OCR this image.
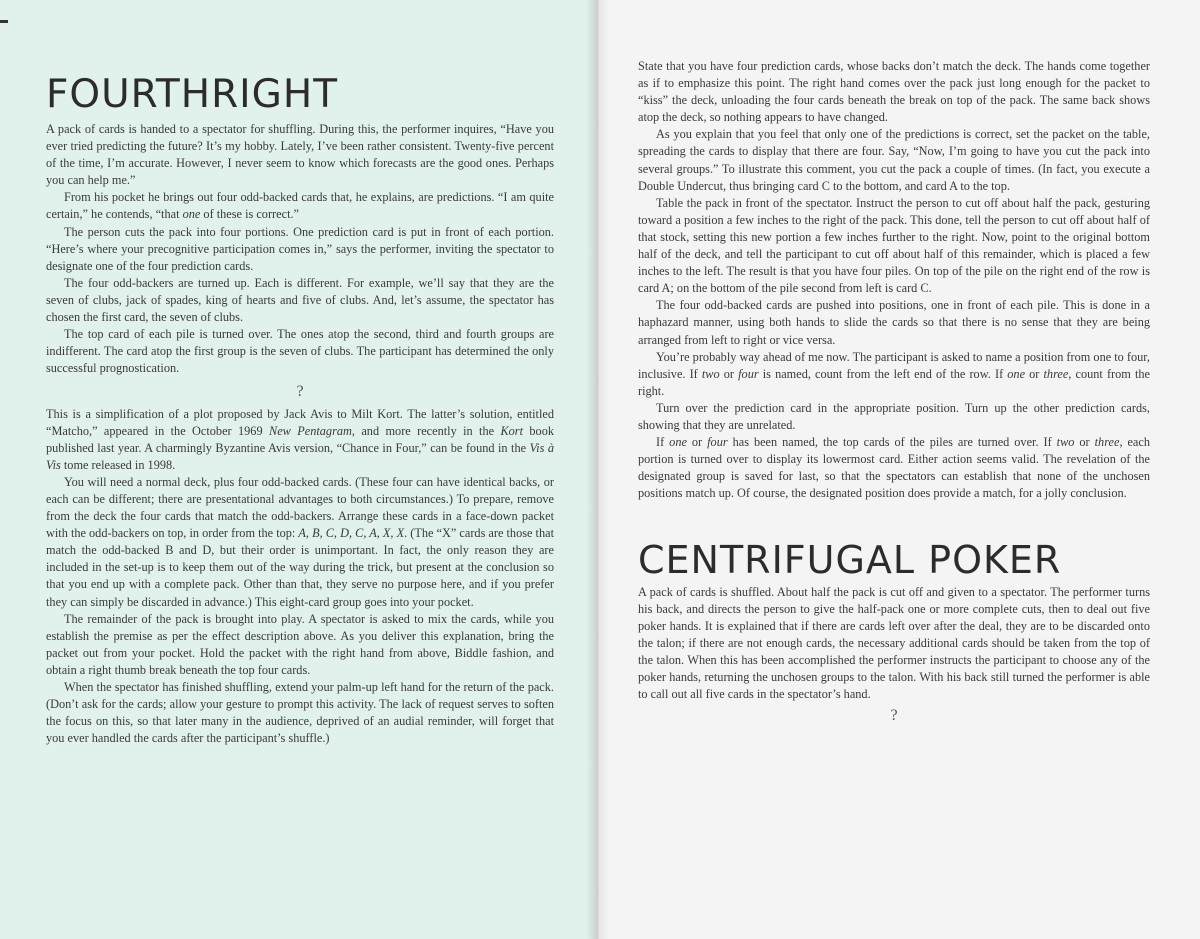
FOURTHRIGHT

A pack of cards is handed to a spectator for shuffling. During this, the performer inquires, “Have you ever tried predicting the future? It’s my hobby. Lately, I’ve been rather consistent. Twenty-five percent of the time, I’m accurate. However, I never seem to know which forecasts are the good ones. Perhaps you can help me.”

From his pocket he brings out four odd-backed cards that, he explains, are predictions. “I am quite certain,” he contends, “that one of these is correct.”

The person cuts the pack into four portions. One prediction card is put in front of each portion. “Here’s where your precognitive participation comes in,” says the performer, inviting the spectator to designate one of the four prediction cards.

The four odd-backers are turned up. Each is different. For example, we’ll say that they are the seven of clubs, jack of spades, king of hearts and five of clubs. And, let’s assume, the spectator has chosen the first card, the seven of clubs.

The top card of each pile is turned over. The ones atop the second, third and fourth groups are indifferent. The card atop the first group is the seven of clubs. The participant has determined the only successful prognostication.

?

This is a simplification of a plot proposed by Jack Avis to Milt Kort. The latter’s solution, entitled “Matcho,” appeared in the October 1969 New Pentagram, and more recently in the Kort book published last year. A charmingly Byzantine Avis version, “Chance in Four,” can be found in the Vis à Vis tome released in 1998.

You will need a normal deck, plus four odd-backed cards. (These four can have identical backs, or each can be different; there are presentational advantages to both circumstances.) To prepare, remove from the deck the four cards that match the odd-backers. Arrange these cards in a face-down packet with the odd-backers on top, in order from the top: A, B, C, D, C, A, X, X. (The “X” cards are those that match the odd-backed B and D, but their order is unimportant. In fact, the only reason they are included in the set-up is to keep them out of the way during the trick, but present at the conclusion so that you end up with a complete pack. Other than that, they serve no purpose here, and if you prefer they can simply be discarded in advance.) This eight-card group goes into your pocket.

The remainder of the pack is brought into play. A spectator is asked to mix the cards, while you establish the premise as per the effect description above. As you deliver this explanation, bring the packet out from your pocket. Hold the packet with the right hand from above, Biddle fashion, and obtain a right thumb break beneath the top four cards.

When the spectator has finished shuffling, extend your palm-up left hand for the return of the pack. (Don’t ask for the cards; allow your gesture to prompt this activity. The lack of request serves to soften the focus on this, so that later many in the audience, deprived of an audial reminder, will forget that you ever handled the cards after the participant’s shuffle.)

State that you have four prediction cards, whose backs don’t match the deck. The hands come together as if to emphasize this point. The right hand comes over the pack just long enough for the packet to “kiss” the deck, unloading the four cards beneath the break on top of the pack. The same back shows atop the deck, so nothing appears to have changed.

As you explain that you feel that only one of the predictions is correct, set the packet on the table, spreading the cards to display that there are four. Say, “Now, I’m going to have you cut the pack into several groups.” To illustrate this comment, you cut the pack a couple of times. (In fact, you execute a Double Undercut, thus bringing card C to the bottom, and card A to the top.

Table the pack in front of the spectator. Instruct the person to cut off about half the pack, gesturing toward a position a few inches to the right of the pack. This done, tell the person to cut off about half of that stock, setting this new portion a few inches further to the right. Now, point to the original bottom half of the deck, and tell the participant to cut off about half of this remainder, which is placed a few inches to the left. The result is that you have four piles. On top of the pile on the right end of the row is card A; on the bottom of the pile second from left is card C.

The four odd-backed cards are pushed into positions, one in front of each pile. This is done in a haphazard manner, using both hands to slide the cards so that there is no sense that they are being arranged from left to right or vice versa.

You’re probably way ahead of me now. The participant is asked to name a position from one to four, inclusive. If two or four is named, count from the left end of the row. If one or three, count from the right.

Turn over the prediction card in the appropriate position. Turn up the other prediction cards, showing that they are unrelated.

If one or four has been named, the top cards of the piles are turned over. If two or three, each portion is turned over to display its lowermost card. Either action seems valid. The revelation of the designated group is saved for last, so that the spectators can establish that none of the unchosen positions match up. Of course, the designated position does provide a match, for a jolly conclusion.

CENTRIFUGAL POKER

A pack of cards is shuffled. About half the pack is cut off and given to a spectator. The performer turns his back, and directs the person to give the half-pack one or more complete cuts, then to deal out five poker hands. It is explained that if there are cards left over after the deal, they are to be discarded onto the talon; if there are not enough cards, the necessary additional cards should be taken from the top of the talon. When this has been accomplished the performer instructs the participant to choose any of the poker hands, returning the unchosen groups to the talon. With his back still turned the performer is able to call out all five cards in the spectator’s hand.

?
